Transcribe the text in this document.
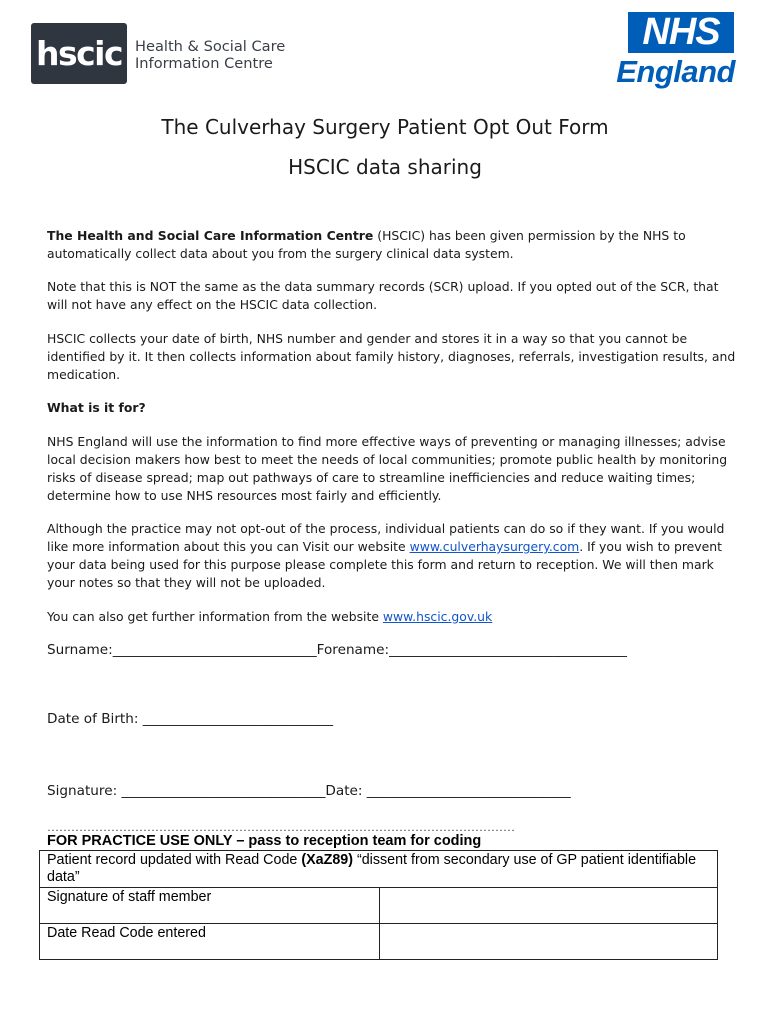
hscic Health & Social Care
Information Centre
NHS
England
The Culverhay Surgery Patient Opt Out Form
HSCIC data sharing
The Health and Social Care Information Centre (HSCIC) has been given permission by the NHS to automatically collect data about you from the surgery clinical data system.
Note that this is NOT the same as the data summary records (SCR) upload. If you opted out of the SCR, that will not have any effect on the HSCIC data collection.
HSCIC collects your date of birth, NHS number and gender and stores it in a way so that you cannot be identified by it. It then collects information about family history, diagnoses, referrals, investigation results, and medication.
What is it for?
NHS England will use the information to find more effective ways of preventing or managing illnesses; advise local decision makers how best to meet the needs of local communities; promote public health by monitoring risks of disease spread; map out pathways of care to streamline inefficiencies and reduce waiting times; determine how to use NHS resources most fairly and efficiently.
Although the practice may not opt-out of the process, individual patients can do so if they want. If you would like more information about this you can Visit our website www.culverhaysurgery.com. If you wish to prevent your data being used for this purpose please complete this form and return to reception. We will then mark your notes so that they will not be uploaded.
You can also get further information from the website www.hscic.gov.uk
Surname:______________________________Forename:___________________________________
Date of Birth: ____________________________
Signature: ______________________________Date: ______________________________
………………………………………………………………………………………………………
FOR PRACTICE USE ONLY – pass to reception team for coding
Patient record updated with Read Code (XaZ89) “dissent from secondary use of GP patient identifiable data”	
Signature of staff member	
Date Read Code entered	
